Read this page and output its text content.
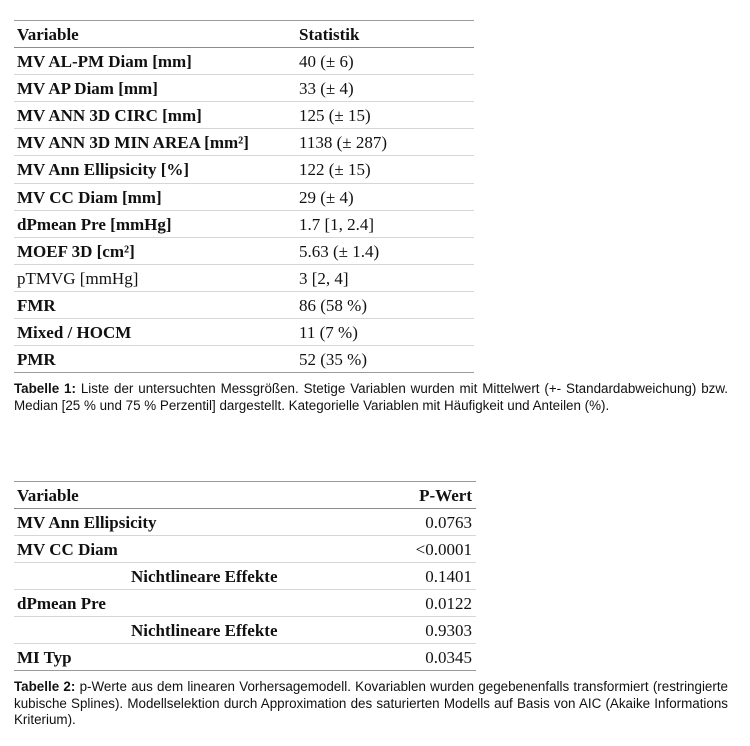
Variable	Statistik
MV AL-PM Diam [mm]	40 (± 6)
MV AP Diam [mm]	33 (± 4)
MV ANN 3D CIRC [mm]	125 (± 15)
MV ANN 3D MIN AREA [mm²]	1138 (± 287)
MV Ann Ellipsicity [%]	122 (± 15)
MV CC Diam [mm]	29 (± 4)
dPmean Pre [mmHg]	1.7 [1, 2.4]
MOEF 3D [cm²]	5.63 (± 1.4)
pTMVG [mmHg]	3 [2, 4]
FMR	86 (58 %)
Mixed / HOCM	11 (7 %)
PMR	52 (35 %)
Tabelle 1: Liste der untersuchten Messgrößen. Stetige Variablen wurden mit Mittelwert (+- Standardabweichung) bzw. Median [25 % und 75 % Perzentil] dargestellt. Kategorielle Variablen mit Häufigkeit und Anteilen (%).
Variable	P-Wert
MV Ann Ellipsicity	0.0763
MV CC Diam	<0.0001
Nichtlineare Effekte	0.1401
dPmean Pre	0.0122
Nichtlineare Effekte	0.9303
MI Typ	0.0345
Tabelle 2: p-Werte aus dem linearen Vorhersagemodell. Kovariablen wurden gegebenenfalls transformiert (restringierte kubische Splines). Modellselektion durch Approximation des saturierten Modells auf Basis von AIC (Akaike Informations Kriterium).
